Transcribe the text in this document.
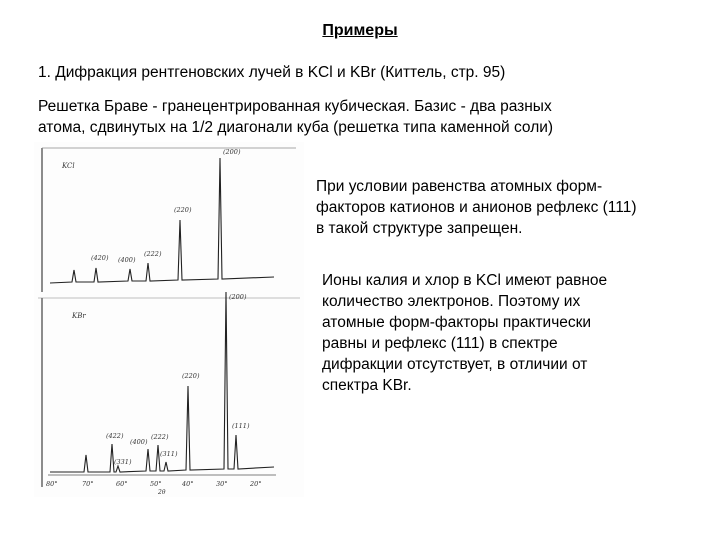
Примеры
1. Дифракция рентгеновских лучей в KCl и KBr (Киттель, стр. 95)
Решетка Браве - гранецентрированная кубическая. Базис - два разных
атома, сдвинутых на 1/2 диагонали куба (решетка типа каменной соли)
KCl
(420) (400)
(222)
(220)
(200)
KBr
(422)
(331)
(400)
(222)
(311)
(220)
(200)
(111)
80°	70°	60°	50°	40°	30°	20°
2θ
При условии равенства атомных форм-
факторов катионов и анионов рефлекс (111)
в такой структуре запрещен.
Ионы калия и хлор в KCl имеют равное
количество электронов. Поэтому их
атомные форм-факторы практически
равны и рефлекс (111) в спектре
дифракции отсутствует, в отличии от
спектра KBr.
